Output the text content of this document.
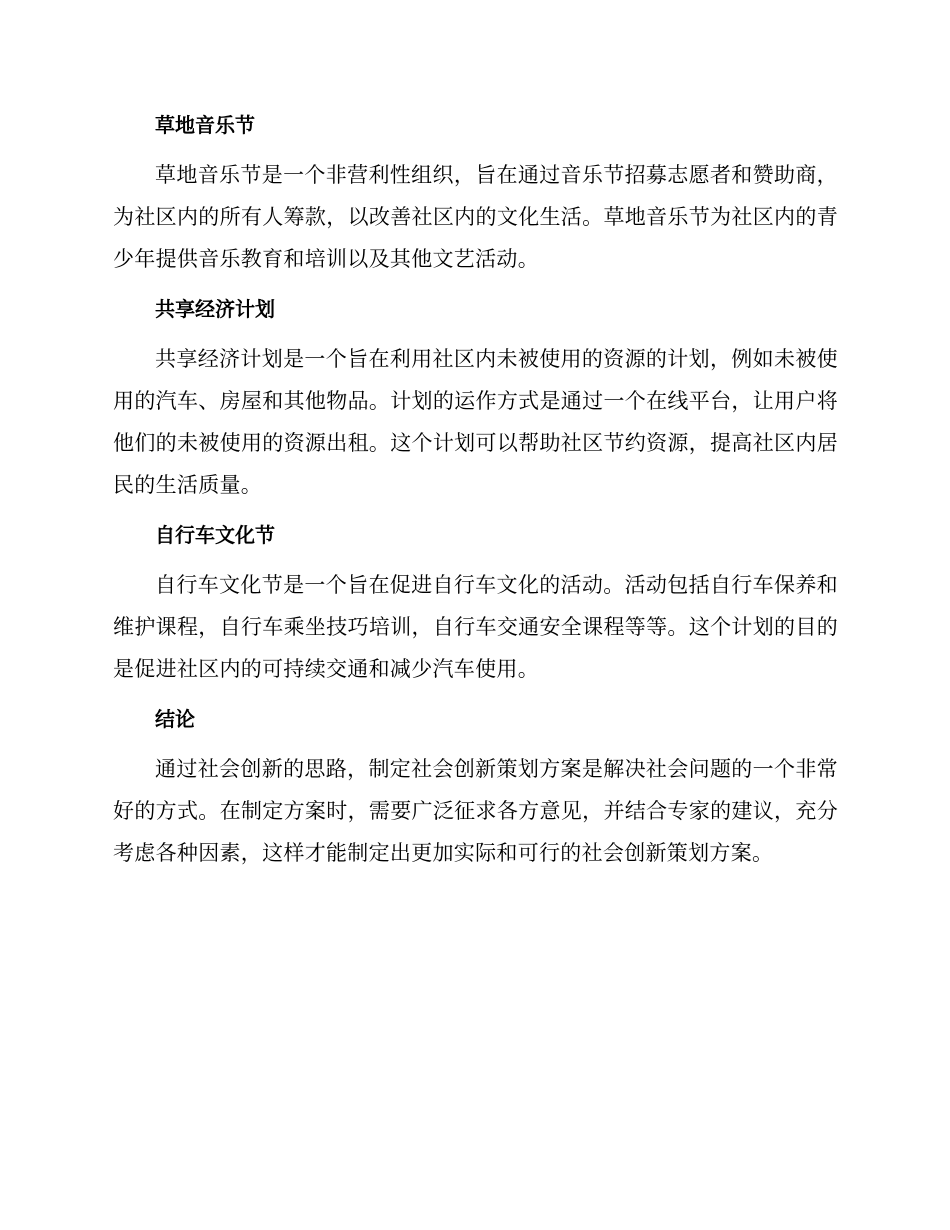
草地音乐节

草地音乐节是一个非营利性组织，旨在通过音乐节招募志愿者和赞助商，为社区内的所有人筹款，以改善社区内的文化生活。草地音乐节为社区内的青少年提供音乐教育和培训以及其他文艺活动。

共享经济计划

共享经济计划是一个旨在利用社区内未被使用的资源的计划，例如未被使用的汽车、房屋和其他物品。计划的运作方式是通过一个在线平台，让用户将他们的未被使用的资源出租。这个计划可以帮助社区节约资源，提高社区内居民的生活质量。

自行车文化节

自行车文化节是一个旨在促进自行车文化的活动。活动包括自行车保养和维护课程，自行车乘坐技巧培训，自行车交通安全课程等等。这个计划的目的是促进社区内的可持续交通和减少汽车使用。

结论

通过社会创新的思路，制定社会创新策划方案是解决社会问题的一个非常好的方式。在制定方案时，需要广泛征求各方意见，并结合专家的建议，充分考虑各种因素，这样才能制定出更加实际和可行的社会创新策划方案。
